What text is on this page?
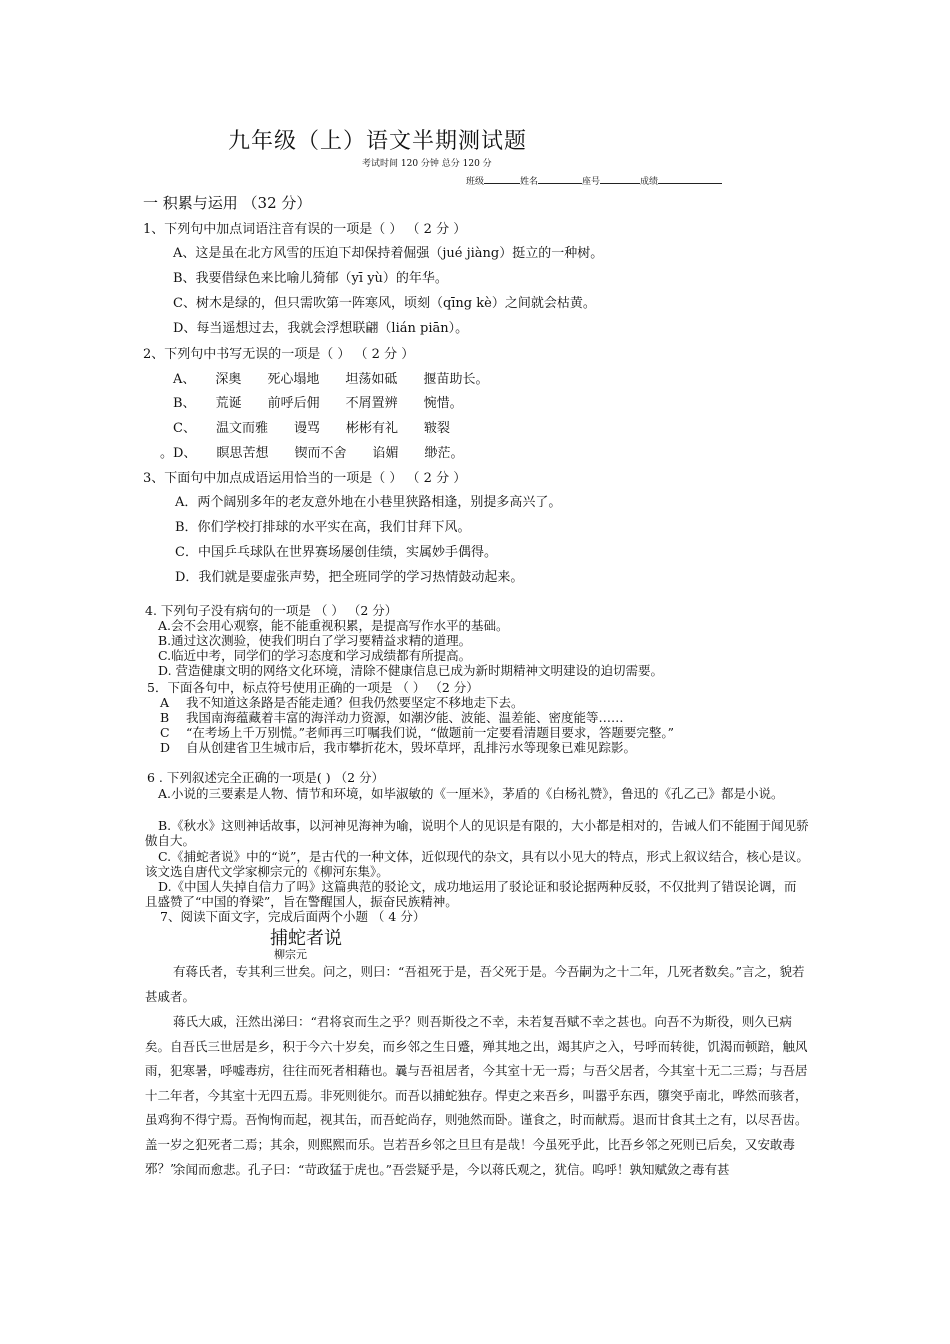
九年级（上）语文半期测试题
考试时间 120 分钟 总分 120 分
班级	姓名	座号	成绩
一 积累与运用 （32 分）
1、下列句中加点词语注音有误的一项是（ ） （ 2 分 ）
A、这是虽在北方风雪的压迫下却保持着倔强（jué jiàng）挺立的一种树。
B、我要借绿色来比喻儿猗郁（yī yù）的年华。
C、树木是绿的，但只需吹第一阵寒风，顷刻（qīng kè）之间就会枯黄。
D、每当遥想过去，我就会浮想联翩（lián piān）。
2、下列句中书写无误的一项是（ ） （ 2 分 ）
A、 深奥 死心塌地 坦荡如砥 揠苗助长。
B、 荒诞 前呼后佣 不屑置辨 惋惜。
C、 温文而雅 谩骂 彬彬有礼 皲裂
。D、 瞑思苦想 锲而不舍 谄媚 缈茫。
3、下面句中加点成语运用恰当的一项是（ ） （ 2 分 ）
A．两个阔别多年的老友意外地在小巷里狭路相逢，别提多高兴了。
B．你们学校打排球的水平实在高，我们甘拜下风。
C．中国乒乓球队在世界赛场屡创佳绩，实属妙手偶得。
D．我们就是要虚张声势，把全班同学的学习热情鼓动起来。
4. 下列句子没有病句的一项是 （ ） （2 分）
A.会不会用心观察，能不能重视积累，是提高写作水平的基础。
B.通过这次测验，使我们明白了学习要精益求精的道理。
C.临近中考，同学们的学习态度和学习成绩都有所提高。
D. 营造健康文明的网络文化环境，清除不健康信息已成为新时期精神文明建设的迫切需要。
5．下面各句中，标点符号使用正确的一项是 （ ） （2 分）
A 我不知道这条路是否能走通？但我仍然要坚定不移地走下去。
B 我国南海蕴藏着丰富的海洋动力资源，如潮汐能、波能、温差能、密度能等……
C “在考场上千万别慌。”老师再三叮嘱我们说，“做题前一定要看清题目要求，答题要完整。”
D 自从创建省卫生城市后，我市攀折花木，毁坏草坪，乱排污水等现象已难见踪影。
6 . 下列叙述完全正确的一项是( ) （2 分）
A.小说的三要素是人物、情节和环境，如毕淑敏的《一厘米》，茅盾的《白杨礼赞》，鲁迅的《孔乙己》都是小说。
B.《秋水》这则神话故事，以河神见海神为喻，说明个人的见识是有限的，大小都是相对的，告诫人们不能囿于闻见骄傲自大。
C.《捕蛇者说》中的“说”，是古代的一种文体，近似现代的杂文，具有以小见大的特点，形式上叙议结合，核心是议。该文选自唐代文学家柳宗元的《柳河东集》。
D.《中国人失掉自信力了吗》这篇典范的驳论文，成功地运用了驳论证和驳论据两种反驳，不仅批判了错误论调，而且盛赞了“中国的脊梁”，旨在警醒国人，振奋民族精神。
7、阅读下面文字，完成后面两个小题 （ 4 分）
捕蛇者说
柳宗元
有蒋氏者，专其利三世矣。问之，则曰：“吾祖死于是，吾父死于是。今吾嗣为之十二年，几死者数矣。”言之，貌若甚戚者。
蒋氏大戚，汪然出涕曰：“君将哀而生之乎？则吾斯役之不幸，未若复吾赋不幸之甚也。向吾不为斯役，则久已病矣。自吾氏三世居是乡，积于今六十岁矣，而乡邻之生日蹙，殚其地之出，竭其庐之入，号呼而转徙，饥渴而顿踣，触风雨，犯寒暑，呼嘘毒疠，往往而死者相藉也。曩与吾祖居者，今其室十无一焉；与吾父居者，今其室十无二三焉；与吾居十二年者，今其室十无四五焉。非死则徙尔。而吾以捕蛇独存。悍吏之来吾乡，叫嚣乎东西，隳突乎南北，哗然而骇者，虽鸡狗不得宁焉。吾恂恂而起，视其缶，而吾蛇尚存，则弛然而卧。谨食之，时而献焉。退而甘食其土之有，以尽吾齿。盖一岁之犯死者二焉；其余，则熙熙而乐。岂若吾乡邻之旦旦有是哉！今虽死乎此，比吾乡邻之死则已后矣，又安敢毒邪？”
余闻而愈悲。孔子曰：“苛政猛于虎也。”吾尝疑乎是，今以蒋氏观之，犹信。呜呼！孰知赋敛之毒有甚
